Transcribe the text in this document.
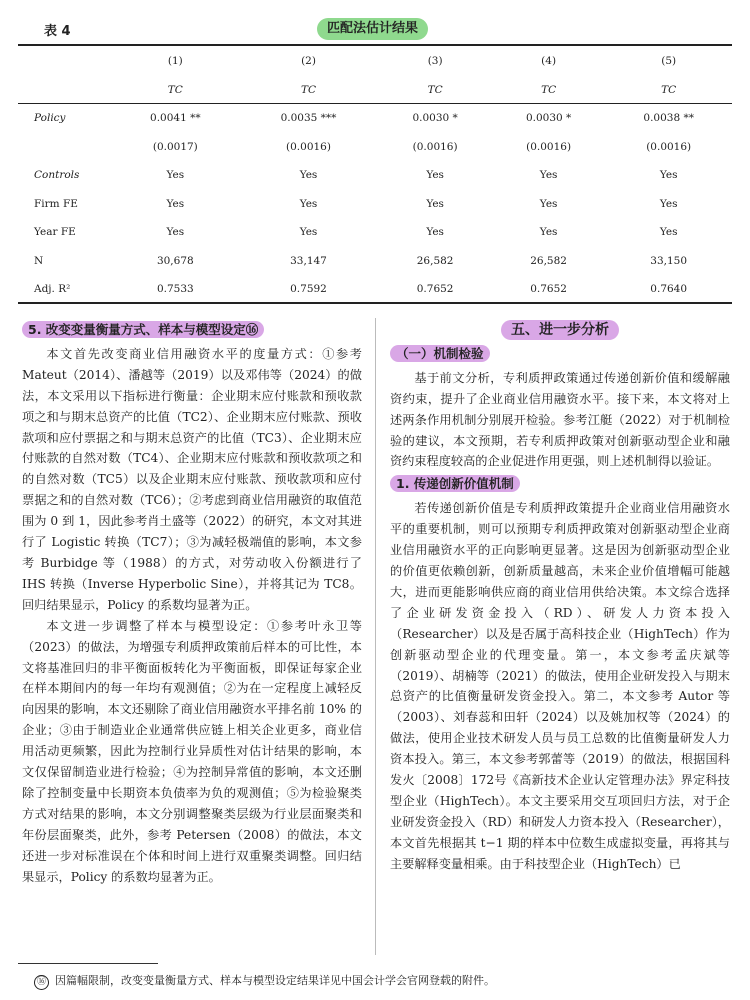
表 4	匹配法估计结果
	(1)	(2)	(3)	(4)	(5)
	TC	TC	TC	TC	TC
Policy	0.0041 **	0.0035 ***	0.0030 *	0.0030 *	0.0038 **
	(0.0017)	(0.0016)	(0.0016)	(0.0016)	(0.0016)
Controls	Yes	Yes	Yes	Yes	Yes
Firm FE	Yes	Yes	Yes	Yes	Yes
Year FE	Yes	Yes	Yes	Yes	Yes
N	30,678	33,147	26,582	26,582	33,150
Adj. R²	0.7533	0.7592	0.7652	0.7652	0.7640
5. 改变变量衡量方式、样本与模型设定⑯

本文首先改变商业信用融资水平的度量方式：①参考 Mateut（2014）、潘越等（2019）以及邓伟等（2024）的做法，本文采用以下指标进行衡量：企业期末应付账款和预收款项之和与期末总资产的比值（TC2）、企业期末应付账款、预收款项和应付票据之和与期末总资产的比值（TC3）、企业期末应付账款的自然对数（TC4）、企业期末应付账款和预收款项之和的自然对数（TC5）以及企业期末应付账款、预收款项和应付票据之和的自然对数（TC6）；②考虑到商业信用融资的取值范围为 0 到 1，因此参考肖土盛等（2022）的研究，本文对其进行了 Logistic 转换（TC7）；③为减轻极端值的影响，本文参考 Burbidge 等（1988）的方式，对劳动收入份额进行了 IHS 转换（Inverse Hyperbolic Sine），并将其记为 TC8。回归结果显示，Policy 的系数均显著为正。

本文进一步调整了样本与模型设定：①参考叶永卫等（2023）的做法，为增强专利质押政策前后样本的可比性，本文将基准回归的非平衡面板转化为平衡面板，即保证每家企业在样本期间内的每一年均有观测值；②为在一定程度上减轻反向因果的影响，本文还剔除了商业信用融资水平排名前 10% 的企业；③由于制造业企业通常供应链上相关企业更多，商业信用活动更频繁，因此为控制行业异质性对估计结果的影响，本文仅保留制造业进行检验；④为控制异常值的影响，本文还删除了控制变量中长期资本负债率为负的观测值；⑤为检验聚类方式对结果的影响，本文分别调整聚类层级为行业层面聚类和年份层面聚类，此外，参考 Petersen（2008）的做法，本文还进一步对标准误在个体和时间上进行双重聚类调整。回归结果显示，Policy 的系数均显著为正。

五、进一步分析
（一）机制检验

基于前文分析，专利质押政策通过传递创新价值和缓解融资约束，提升了企业商业信用融资水平。接下来，本文将对上述两条作用机制分别展开检验。参考江艇（2022）对于机制检验的建议，本文预期，若专利质押政策对创新驱动型企业和融资约束程度较高的企业促进作用更强，则上述机制得以验证。

1. 传递创新价值机制

若传递创新价值是专利质押政策提升企业商业信用融资水平的重要机制，则可以预期专利质押政策对创新驱动型企业商业信用融资水平的正向影响更显著。这是因为创新驱动型企业的价值更依赖创新，创新质量越高，未来企业价值增幅可能越大，进而更能影响供应商的商业信用供给决策。本文综合选择了企业研发资金投入（RD）、研发人力资本投入（Researcher）以及是否属于高科技企业（HighTech）作为创新驱动型企业的代理变量。第一，本文参考孟庆斌等（2019）、胡楠等（2021）的做法，使用企业研发投入与期末总资产的比值衡量研发资金投入。第二，本文参考 Autor 等（2003）、刘春蕊和田轩（2024）以及姚加权等（2024）的做法，使用企业技术研发人员与员工总数的比值衡量研发人力资本投入。第三，本文参考郭蕾等（2019）的做法，根据国科发火〔2008〕172号《高新技术企业认定管理办法》界定科技型企业（HighTech）。本文主要采用交互项回归方法，对于企业研发资金投入（RD）和研发人力资本投入（Researcher），本文首先根据其 t−1 期的样本中位数生成虚拟变量，再将其与主要解释变量相乘。由于科技型企业（HighTech）已

⑯ 因篇幅限制，改变变量衡量方式、样本与模型设定结果详见中国会计学会官网登载的附件。
